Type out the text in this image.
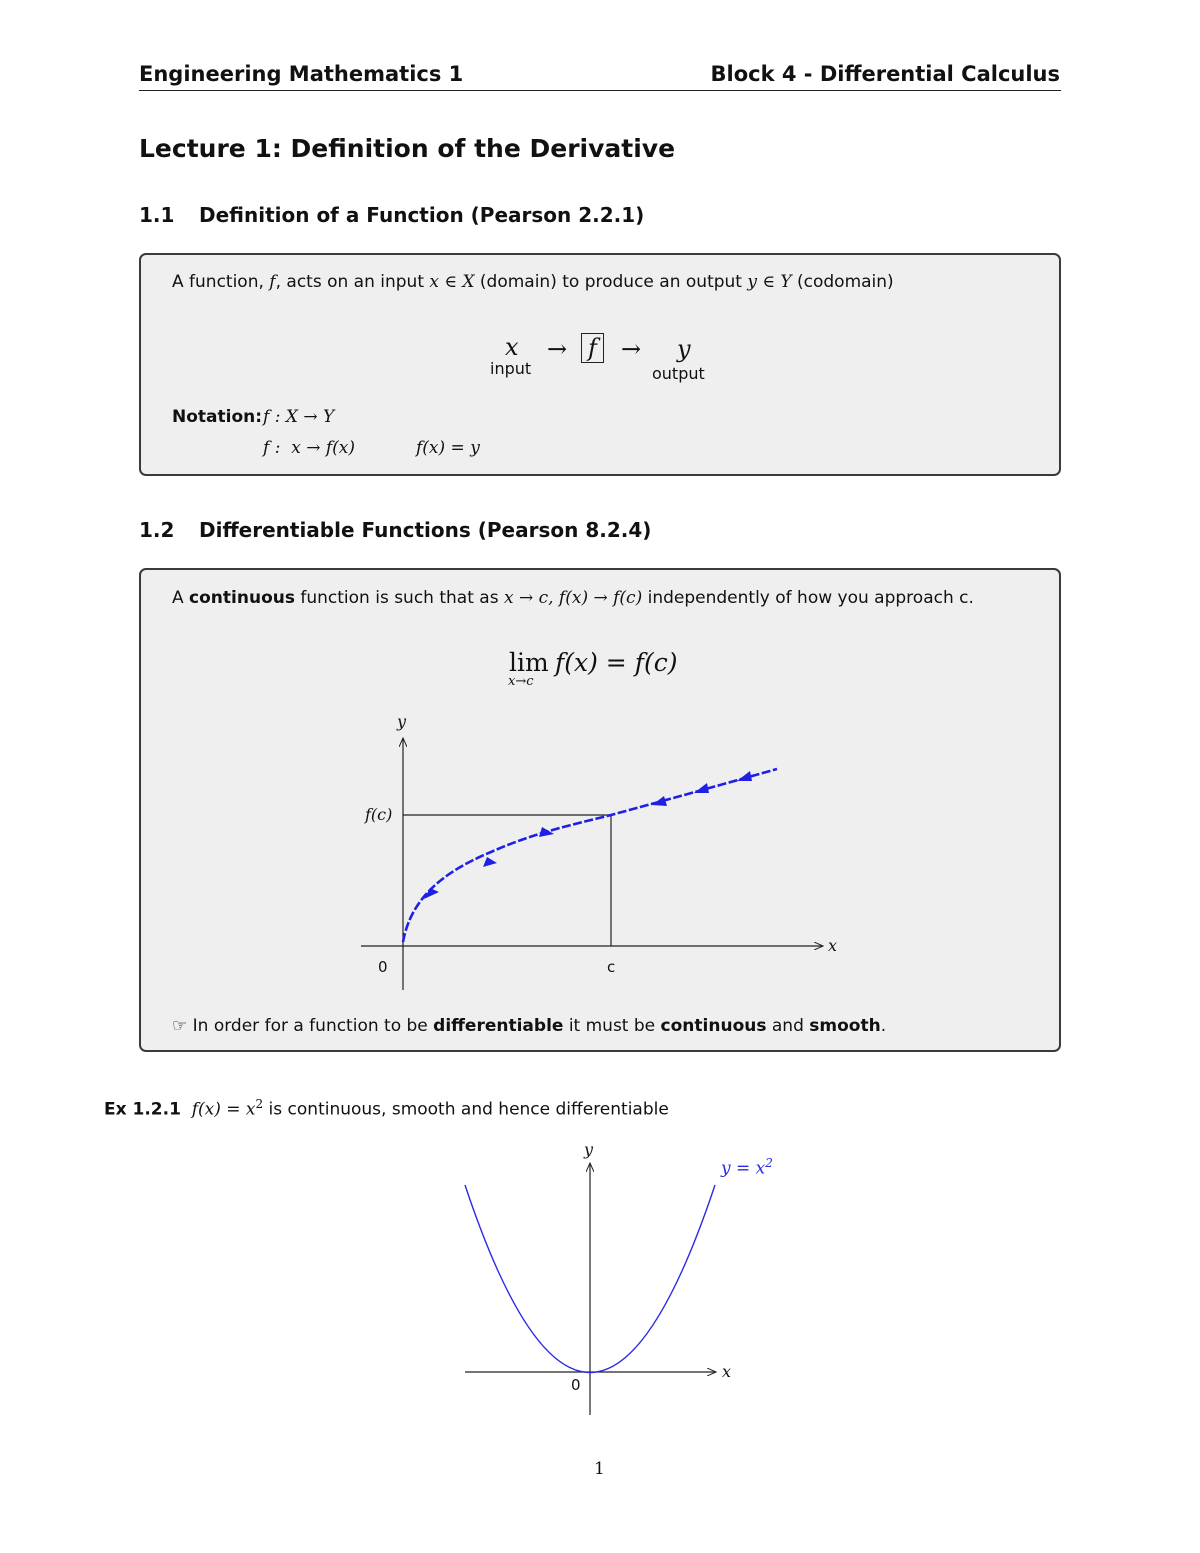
Engineering Mathematics 1	Block 4 - Differential Calculus
Lecture 1: Definition of the Derivative
1.1 Definition of a Function (Pearson 2.2.1)
A function, f, acts on an input x ∈ X (domain) to produce an output y ∈ Y (codomain)
x
input
→ f → y
output
Notation: f : X → Y
f :  x → f(x)	f(x) = y
1.2 Differentiable Functions (Pearson 8.2.4)
A continuous function is such that as x → c, f(x) → f(c) independently of how you approach c.
lim
x→c
f(x) = f(c)
y
x
f(c)
0	c
☞ In order for a function to be differentiable it must be continuous and smooth.
Ex 1.2.1 $f(x) = x^2$ is continuous, smooth and hence differentiable
y
x
0
$y = x^2$
1
